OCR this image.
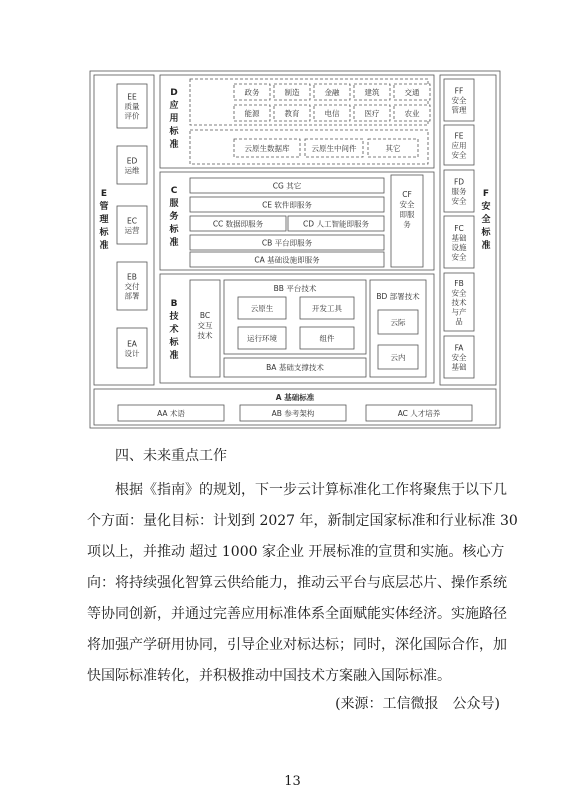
E 管理标准
F 安全标准
D 应用标准
C 服务标准
CF 安全即服务
B 技术标准
BC 交互技术
BB 平台技术
BD 部署技术
BA 基础支撑技术
A 基础标准
EE 质量评价
ED 运维
EC 运营
EB 交付部署
EA 设计
FF 安全管理
FE 应用安全
FD 服务安全
FC 基础设施安全
FB 安全技术与产品
FA 安全基础
政务	制造	金融	建筑	交通
能源	教育	电信	医疗	农业
云原生数据库	云原生中间件	其它
CG 其它
CE 软件即服务
CC 数据即服务	CD 人工智能即服务
CB 平台即服务
CA 基础设施即服务
云原生	开发工具
运行环境	组件
云际
云内
AA 术语	AB 参考架构	AC 人才培养
四、未来重点工作
根据《指南》的规划，下一步云计算标准化工作将聚焦于以下几
个方面：量化目标：计划到 2027 年，新制定国家标准和行业标准 30
项以上，并推动 超过 1000 家企业 开展标准的宣贯和实施。核心方
向：将持续强化智算云供给能力，推动云平台与底层芯片、操作系统
等协同创新，并通过完善应用标准体系全面赋能实体经济。实施路径
将加强产学研用协同，引导企业对标达标；同时，深化国际合作，加
快国际标准转化，并积极推动中国技术方案融入国际标准。
(来源：工信微报　公众号)
13
